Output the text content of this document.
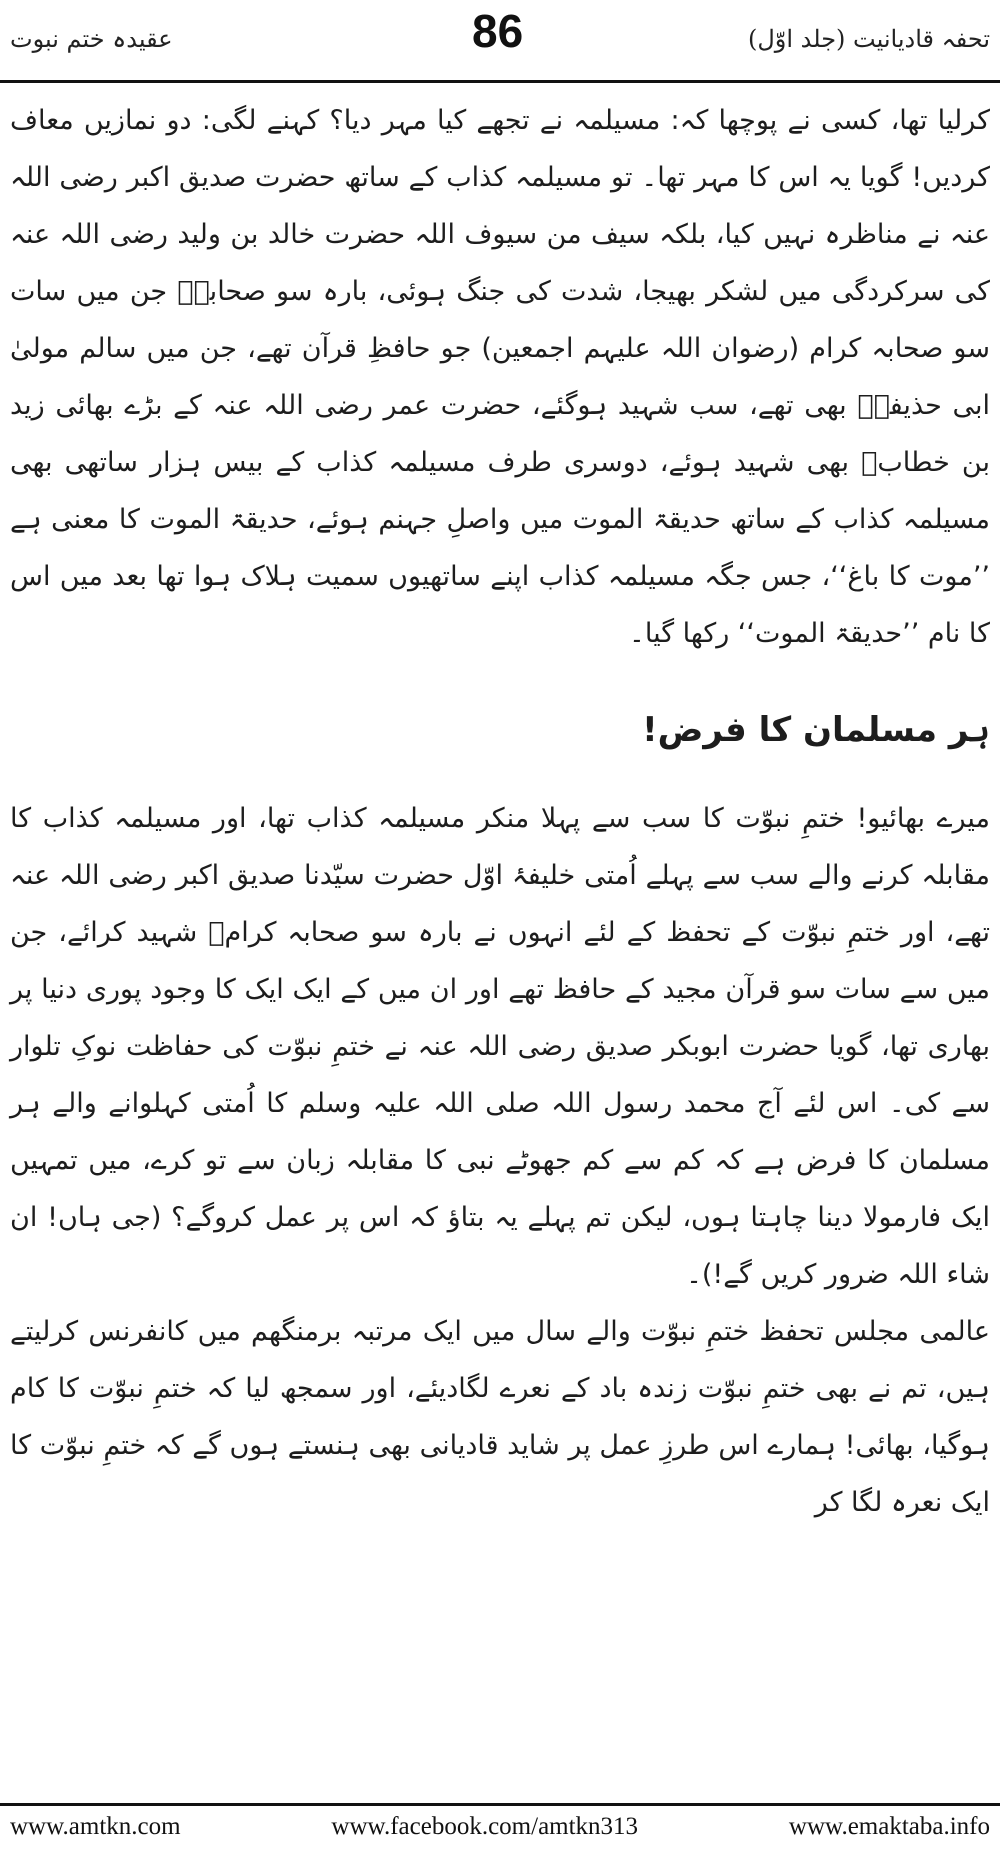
عقیدہ ختم نبوت	86	تحفہ قادیانیت (جلد اوّل)

کرلیا تھا، کسی نے پوچھا کہ: مسیلمہ نے تجھے کیا مہر دیا؟ کہنے لگی: دو نمازیں معاف کردیں! گویا یہ اس کا مہر تھا۔ تو مسیلمہ کذاب کے ساتھ حضرت صدیق اکبر رضی اللہ عنہ نے مناظرہ نہیں کیا، بلکہ سیف من سیوف اللہ حضرت خالد بن ولید رضی اللہ عنہ کی سرکردگی میں لشکر بھیجا، شدت کی جنگ ہوئی، بارہ سو صحابہؓ جن میں سات سو صحابہ کرام (رضوان اللہ علیہم اجمعین) جو حافظِ قرآن تھے، جن میں سالم مولیٰ ابی حذیفہؓ بھی تھے، سب شہید ہوگئے، حضرت عمر رضی اللہ عنہ کے بڑے بھائی زید بن خطابؓ بھی شہید ہوئے، دوسری طرف مسیلمہ کذاب کے بیس ہزار ساتھی بھی مسیلمہ کذاب کے ساتھ حدیقۃ الموت میں واصلِ جہنم ہوئے، حدیقۃ الموت کا معنی ہے ’’موت کا باغ‘‘، جس جگہ مسیلمہ کذاب اپنے ساتھیوں سمیت ہلاک ہوا تھا بعد میں اس کا نام ’’حدیقۃ الموت‘‘ رکھا گیا۔

ہر مسلمان کا فرض!

میرے بھائیو! ختمِ نبوّت کا سب سے پہلا منکر مسیلمہ کذاب تھا، اور مسیلمہ کذاب کا مقابلہ کرنے والے سب سے پہلے اُمتی خلیفۂ اوّل حضرت سیّدنا صدیق اکبر رضی اللہ عنہ تھے، اور ختمِ نبوّت کے تحفظ کے لئے انہوں نے بارہ سو صحابہ کرامؓ شہید کرائے، جن میں سے سات سو قرآن مجید کے حافظ تھے اور ان میں کے ایک ایک کا وجود پوری دنیا پر بھاری تھا، گویا حضرت ابوبکر صدیق رضی اللہ عنہ نے ختمِ نبوّت کی حفاظت نوکِ تلوار سے کی۔ اس لئے آج محمد رسول اللہ صلی اللہ علیہ وسلم کا اُمتی کہلوانے والے ہر مسلمان کا فرض ہے کہ کم سے کم جھوٹے نبی کا مقابلہ زبان سے تو کرے، میں تمہیں ایک فارمولا دینا چاہتا ہوں، لیکن تم پہلے یہ بتاؤ کہ اس پر عمل کروگے؟ (جی ہاں! ان شاء اللہ ضرور کریں گے!)۔

عالمی مجلس تحفظ ختمِ نبوّت والے سال میں ایک مرتبہ برمنگھم میں کانفرنس کرلیتے ہیں، تم نے بھی ختمِ نبوّت زندہ باد کے نعرے لگادیئے، اور سمجھ لیا کہ ختمِ نبوّت کا کام ہوگیا، بھائی! ہمارے اس طرزِ عمل پر شاید قادیانی بھی ہنستے ہوں گے کہ ختمِ نبوّت کا ایک نعرہ لگا کر

www.amtkn.com	www.facebook.com/amtkn313	www.emaktaba.info
